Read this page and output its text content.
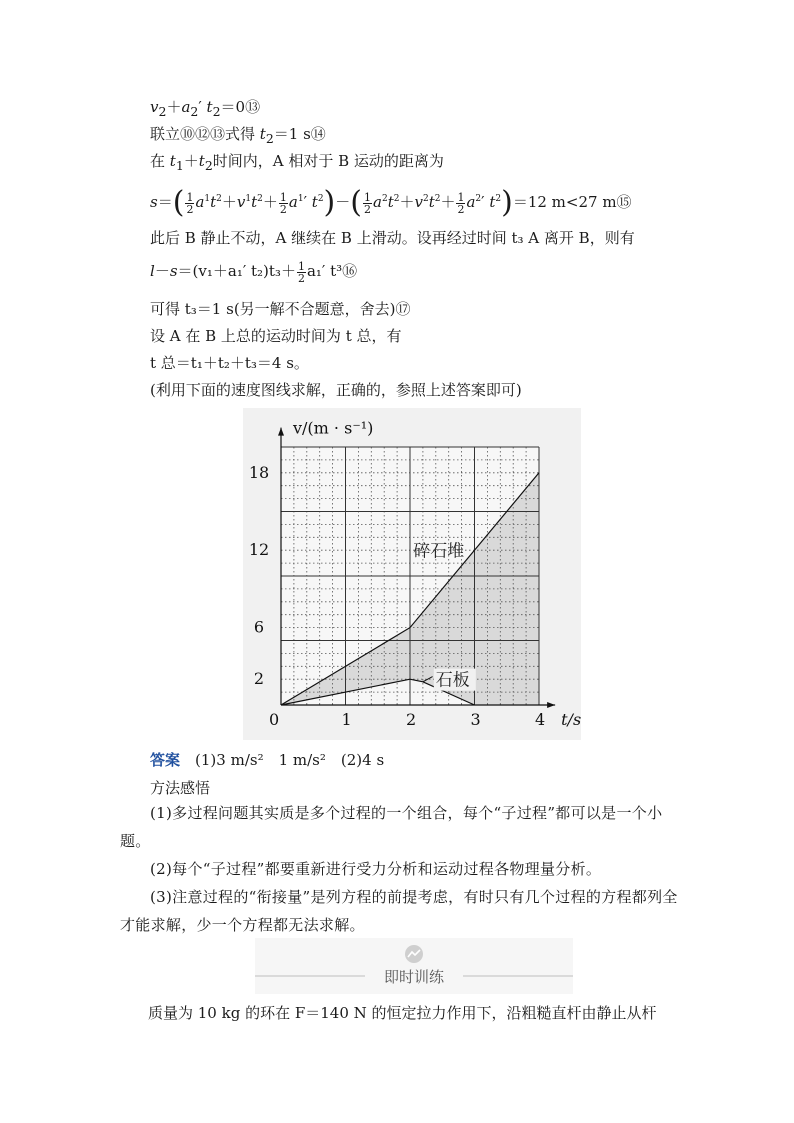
$v_2+a_2'$ $t_2=0⑬$
联立⑩⑫⑬式得 $t_2=1$ s⑭
在 $t_1+t_2$时间内，A 相对于 B 运动的距离为
$s=( \frac{1}{2} a^1t^2+v^1t^2+ \frac{1}{2} a^1'$ $t^2)-( \frac{1}{2} a^2t^2+v^2t^2+ \frac{1}{2} a^2'$ $t^2)=12$ m<27 m⑮
此后 B 静止不动，A 继续在 B 上滑动。设再经过时间 t₃ A 离开 B，则有
l－s＝(v₁＋a₁′ $t_2)t_3+ \frac{1}{2} a_1'$ t³⑯
可得 t₃＝1 s(另一解不合题意，舍去)⑰
设 A 在 B 上总的运动时间为 t 总，有
t 总＝t₁＋t₂＋t₃＝4 s。
(利用下面的速度图线求解，正确的，参照上述答案即可)
0	1	2	3	4
2
6
12
18
t/s
v/(m · s⁻¹)
碎石堆
石板
答案　 (1)3 m/s²　1 m/s²　(2)4 s
方法感悟
(1)多过程问题其实质是多个过程的一个组合，每个“子过程”都可以是一个小题。
(2)每个“子过程”都要重新进行受力分析和运动过程各物理量分析。
(3)注意过程的“衔接量”是列方程的前提考虑，有时只有几个过程的方程都列全才能求解，少一个方程都无法求解。
即时训练
质量为 10 kg 的环在 F＝140 N 的恒定拉力作用下，沿粗糙直杆由静止从杆
